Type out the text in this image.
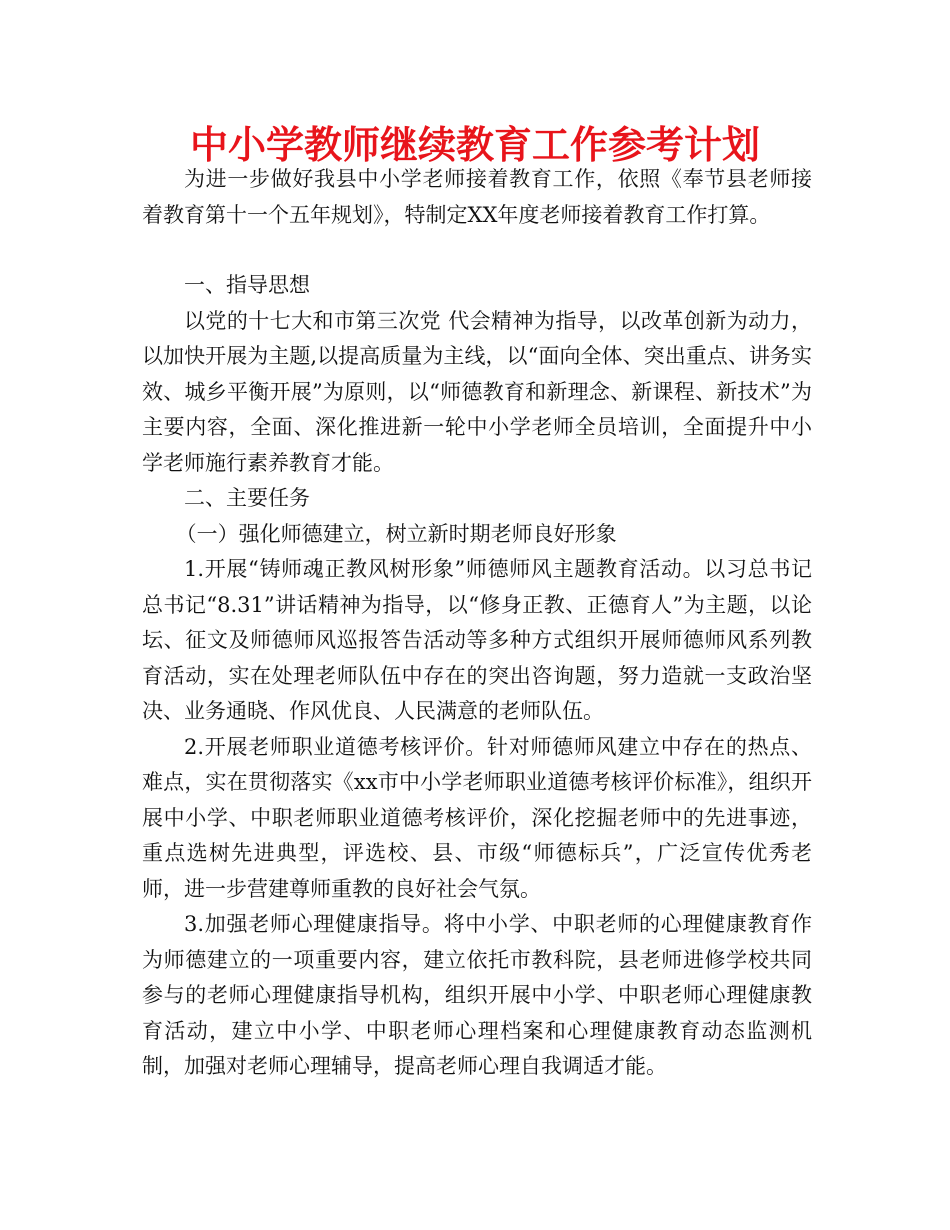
中小学教师继续教育工作参考计划

为进一步做好我县中小学老师接着教育工作，依照《奉节县老师接着教育第十一个五年规划》，特制定XX年度老师接着教育工作打算。

一、指导思想

以党的十七大和市第三次党 代会精神为指导，以改革创新为动力，以加快开展为主题,以提高质量为主线，以“面向全体、突出重点、讲务实效、城乡平衡开展”为原则，以“师德教育和新理念、新课程、新技术”为主要内容，全面、深化推进新一轮中小学老师全员培训，全面提升中小学老师施行素养教育才能。

二、主要任务

（一）强化师德建立，树立新时期老师良好形象

1.开展“铸师魂正教风树形象”师德师风主题教育活动。以习总书记总书记“8.31”讲话精神为指导，以“修身正教、正德育人”为主题，以论坛、征文及师德师风巡报答告活动等多种方式组织开展师德师风系列教育活动，实在处理老师队伍中存在的突出咨询题，努力造就一支政治坚决、业务通晓、作风优良、人民满意的老师队伍。

2.开展老师职业道德考核评价。针对师德师风建立中存在的热点、难点，实在贯彻落实《xx市中小学老师职业道德考核评价标准》，组织开展中小学、中职老师职业道德考核评价，深化挖掘老师中的先进事迹，重点选树先进典型，评选校、县、市级“师德标兵”，广泛宣传优秀老师，进一步营建尊师重教的良好社会气氛。

3.加强老师心理健康指导。将中小学、中职老师的心理健康教育作为师德建立的一项重要内容，建立依托市教科院，县老师进修学校共同参与的老师心理健康指导机构，组织开展中小学、中职老师心理健康教育活动，建立中小学、中职老师心理档案和心理健康教育动态监测机制，加强对老师心理辅导，提高老师心理自我调适才能。
